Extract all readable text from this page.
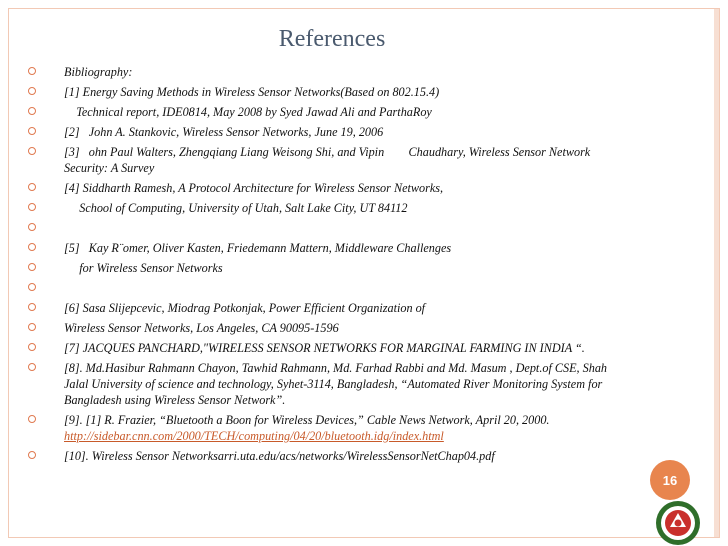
References
Bibliography:
[1] Energy Saving Methods in Wireless Sensor Networks(Based on 802.15.4)
Technical report, IDE0814, May 2008 by Syed Jawad Ali and ParthaRoy
[2]   John A. Stankovic, Wireless Sensor Networks, June 19, 2006
[3]   ohn Paul Walters, Zhengqiang Liang Weisong Shi, and Vipin        Chaudhary, Wireless Sensor Network Security: A Survey
[4] Siddharth Ramesh, A Protocol Architecture for Wireless Sensor Networks,
School of Computing, University of Utah, Salt Lake City, UT 84112
[5]   Kay R¨omer, Oliver Kasten, Friedemann Mattern, Middleware Challenges
for Wireless Sensor Networks
[6] Sasa Slijepcevic, Miodrag Potkonjak, Power Efficient Organization of
Wireless Sensor Networks, Los Angeles, CA 90095-1596
[7] JACQUES PANCHARD,"WIRELESS SENSOR NETWORKS FOR MARGINAL FARMING IN INDIA “.
[8]. Md.Hasibur Rahmann Chayon, Tawhid Rahmann, Md. Farhad Rabbi and Md. Masum , Dept.of CSE, Shah Jalal University of science and technology, Syhet-3114, Bangladesh, “Automated River Monitoring System for Bangladesh using Wireless Sensor Network”.
[9]. [1] R. Frazier, “Bluetooth a Boon for Wireless Devices,” Cable News Network, April 20, 2000.
http://sidebar.cnn.com/2000/TECH/computing/04/20/bluetooth.idg/index.html
[10]. Wireless Sensor Networksarri.uta.edu/acs/networks/WirelessSensorNetChap04.pdf
16
